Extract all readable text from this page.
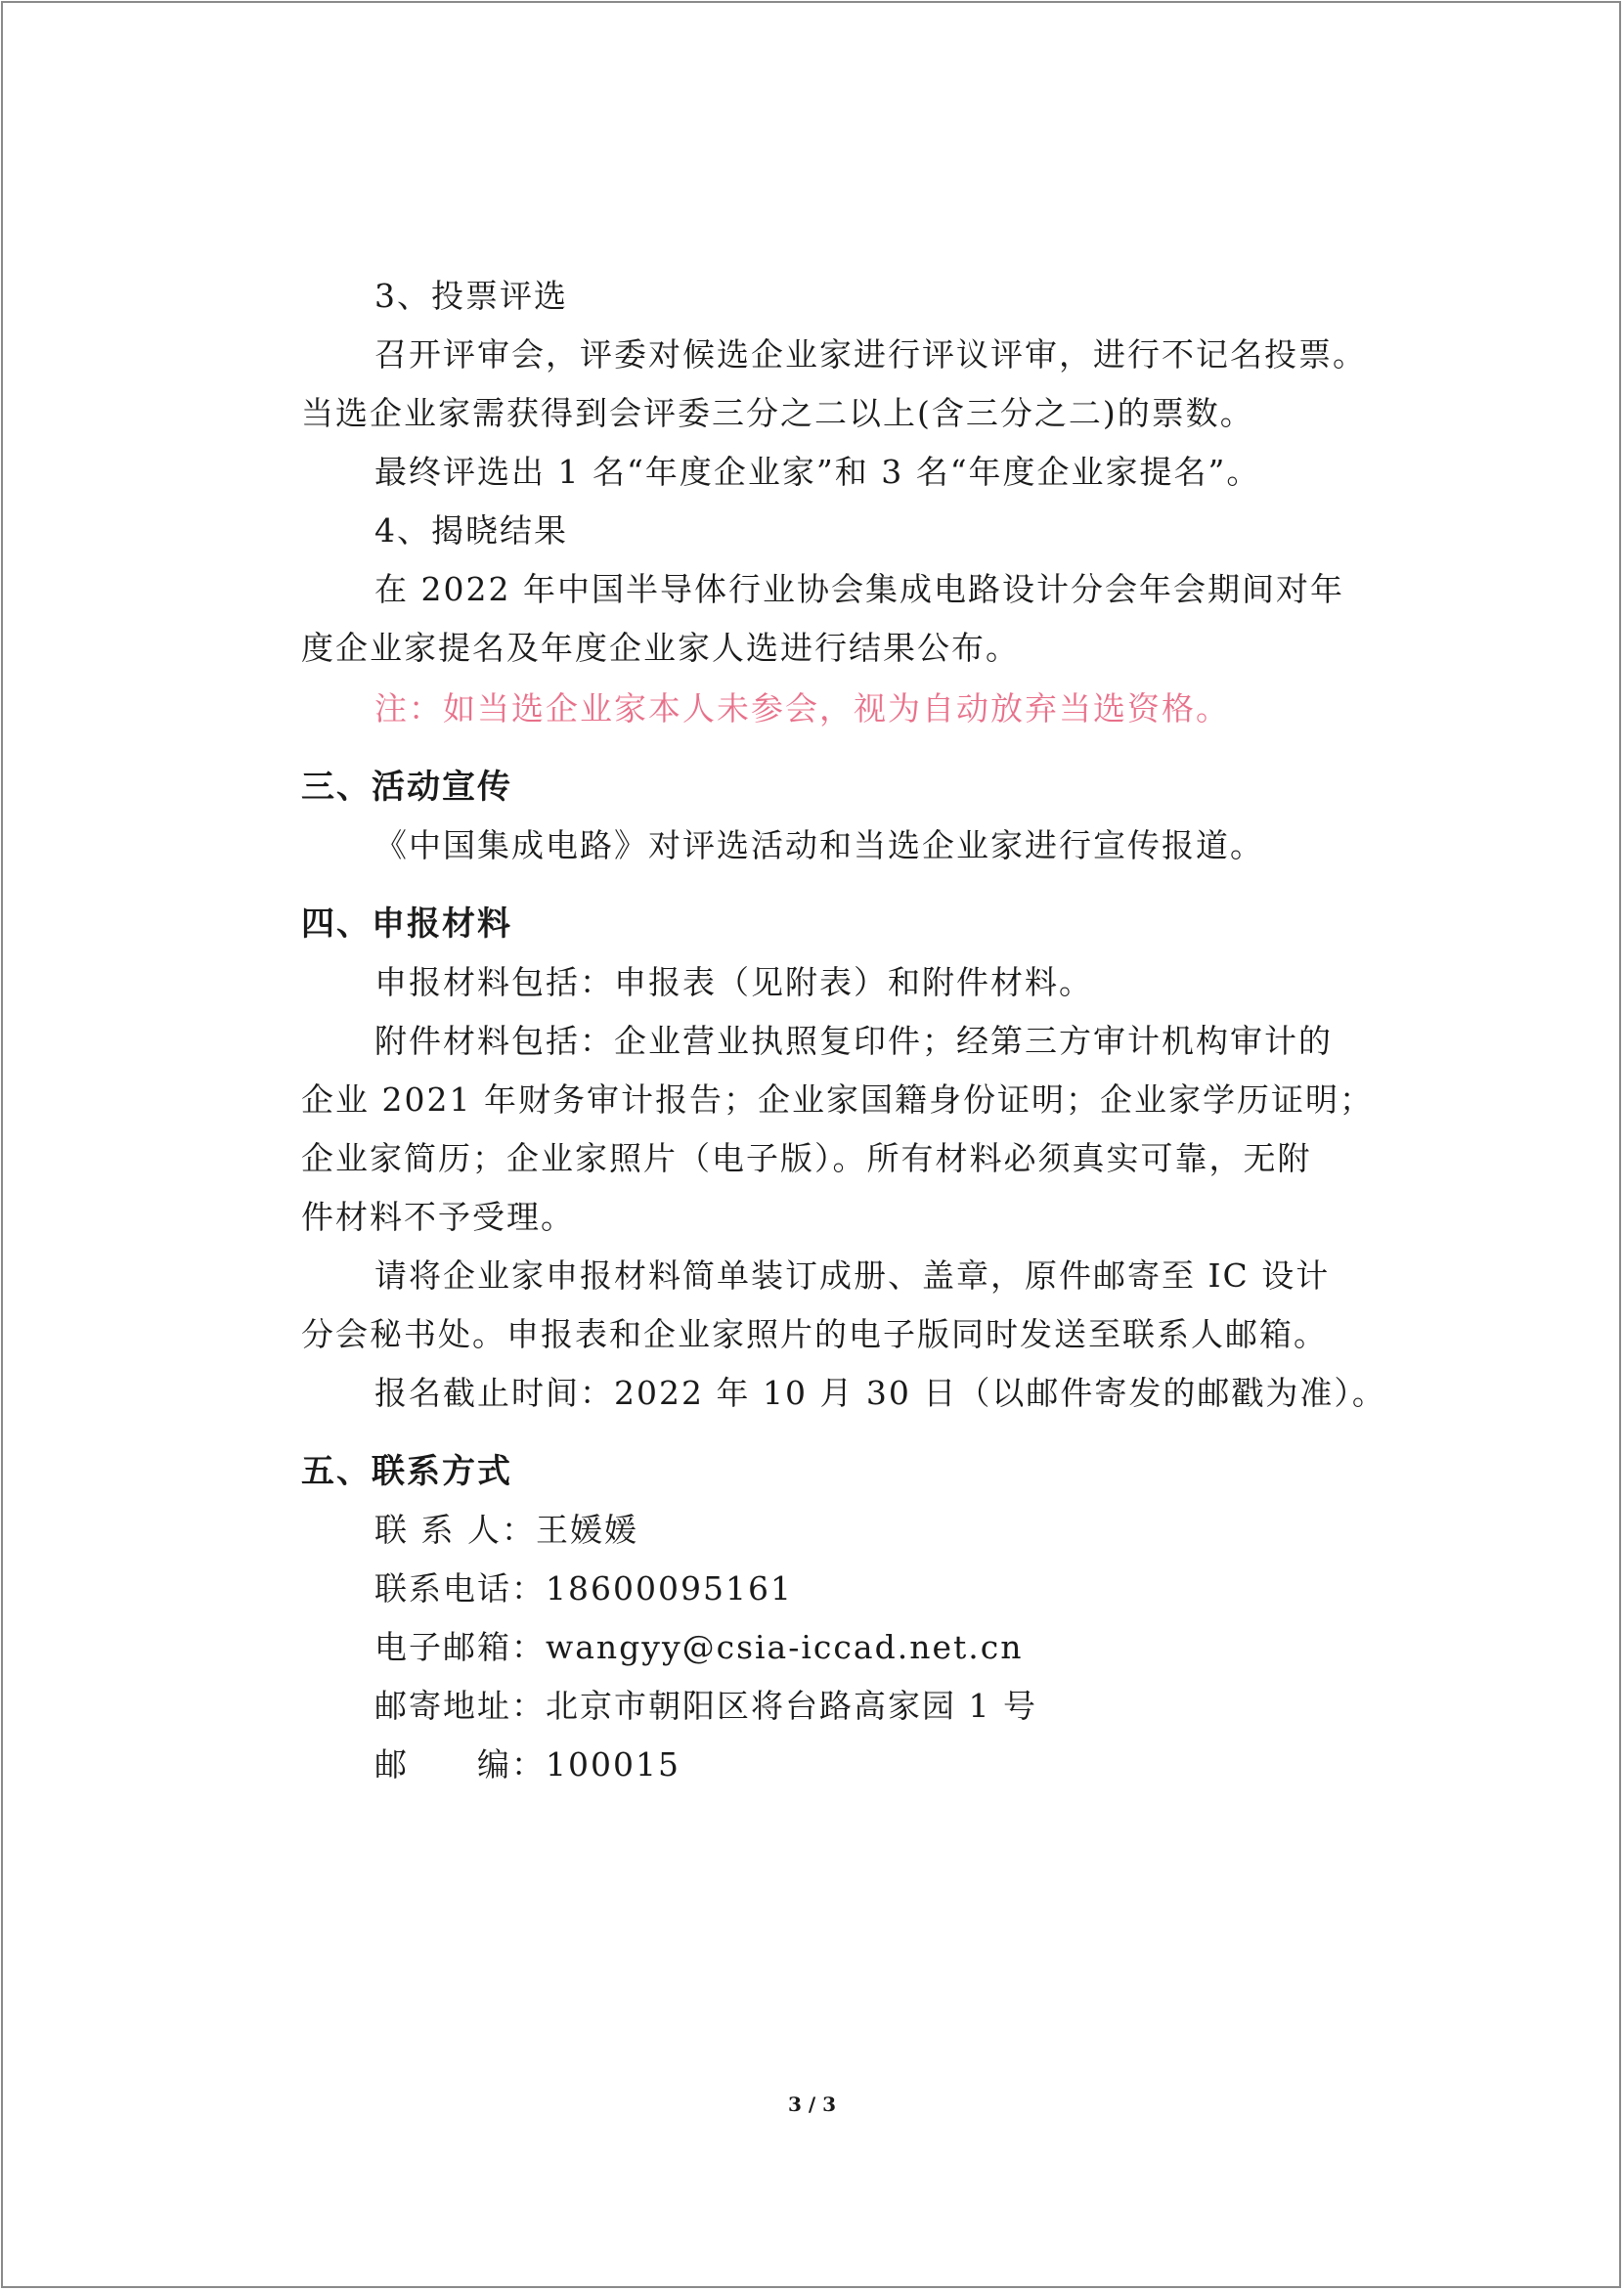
3、投票评选
召开评审会，评委对候选企业家进行评议评审，进行不记名投票。
当选企业家需获得到会评委三分之二以上(含三分之二)的票数。
最终评选出 1 名“年度企业家”和 3 名“年度企业家提名”。
4、揭晓结果
在 2022 年中国半导体行业协会集成电路设计分会年会期间对年
度企业家提名及年度企业家人选进行结果公布。
注：如当选企业家本人未参会，视为自动放弃当选资格。
三、活动宣传
《中国集成电路》对评选活动和当选企业家进行宣传报道。
四、申报材料
申报材料包括：申报表（见附表）和附件材料。
附件材料包括：企业营业执照复印件；经第三方审计机构审计的
企业 2021 年财务审计报告；企业家国籍身份证明；企业家学历证明；
企业家简历；企业家照片（电子版）。所有材料必须真实可靠，无附
件材料不予受理。
请将企业家申报材料简单装订成册、盖章，原件邮寄至 IC 设计
分会秘书处。申报表和企业家照片的电子版同时发送至联系人邮箱。
报名截止时间：2022 年 10 月 30 日（以邮件寄发的邮戳为准）。
五、联系方式
联 系 人：王媛媛
联系电话：18600095161
电子邮箱：wangyy@csia-iccad.net.cn
邮寄地址：北京市朝阳区将台路高家园 1 号
邮　　编：100015
3 / 3
